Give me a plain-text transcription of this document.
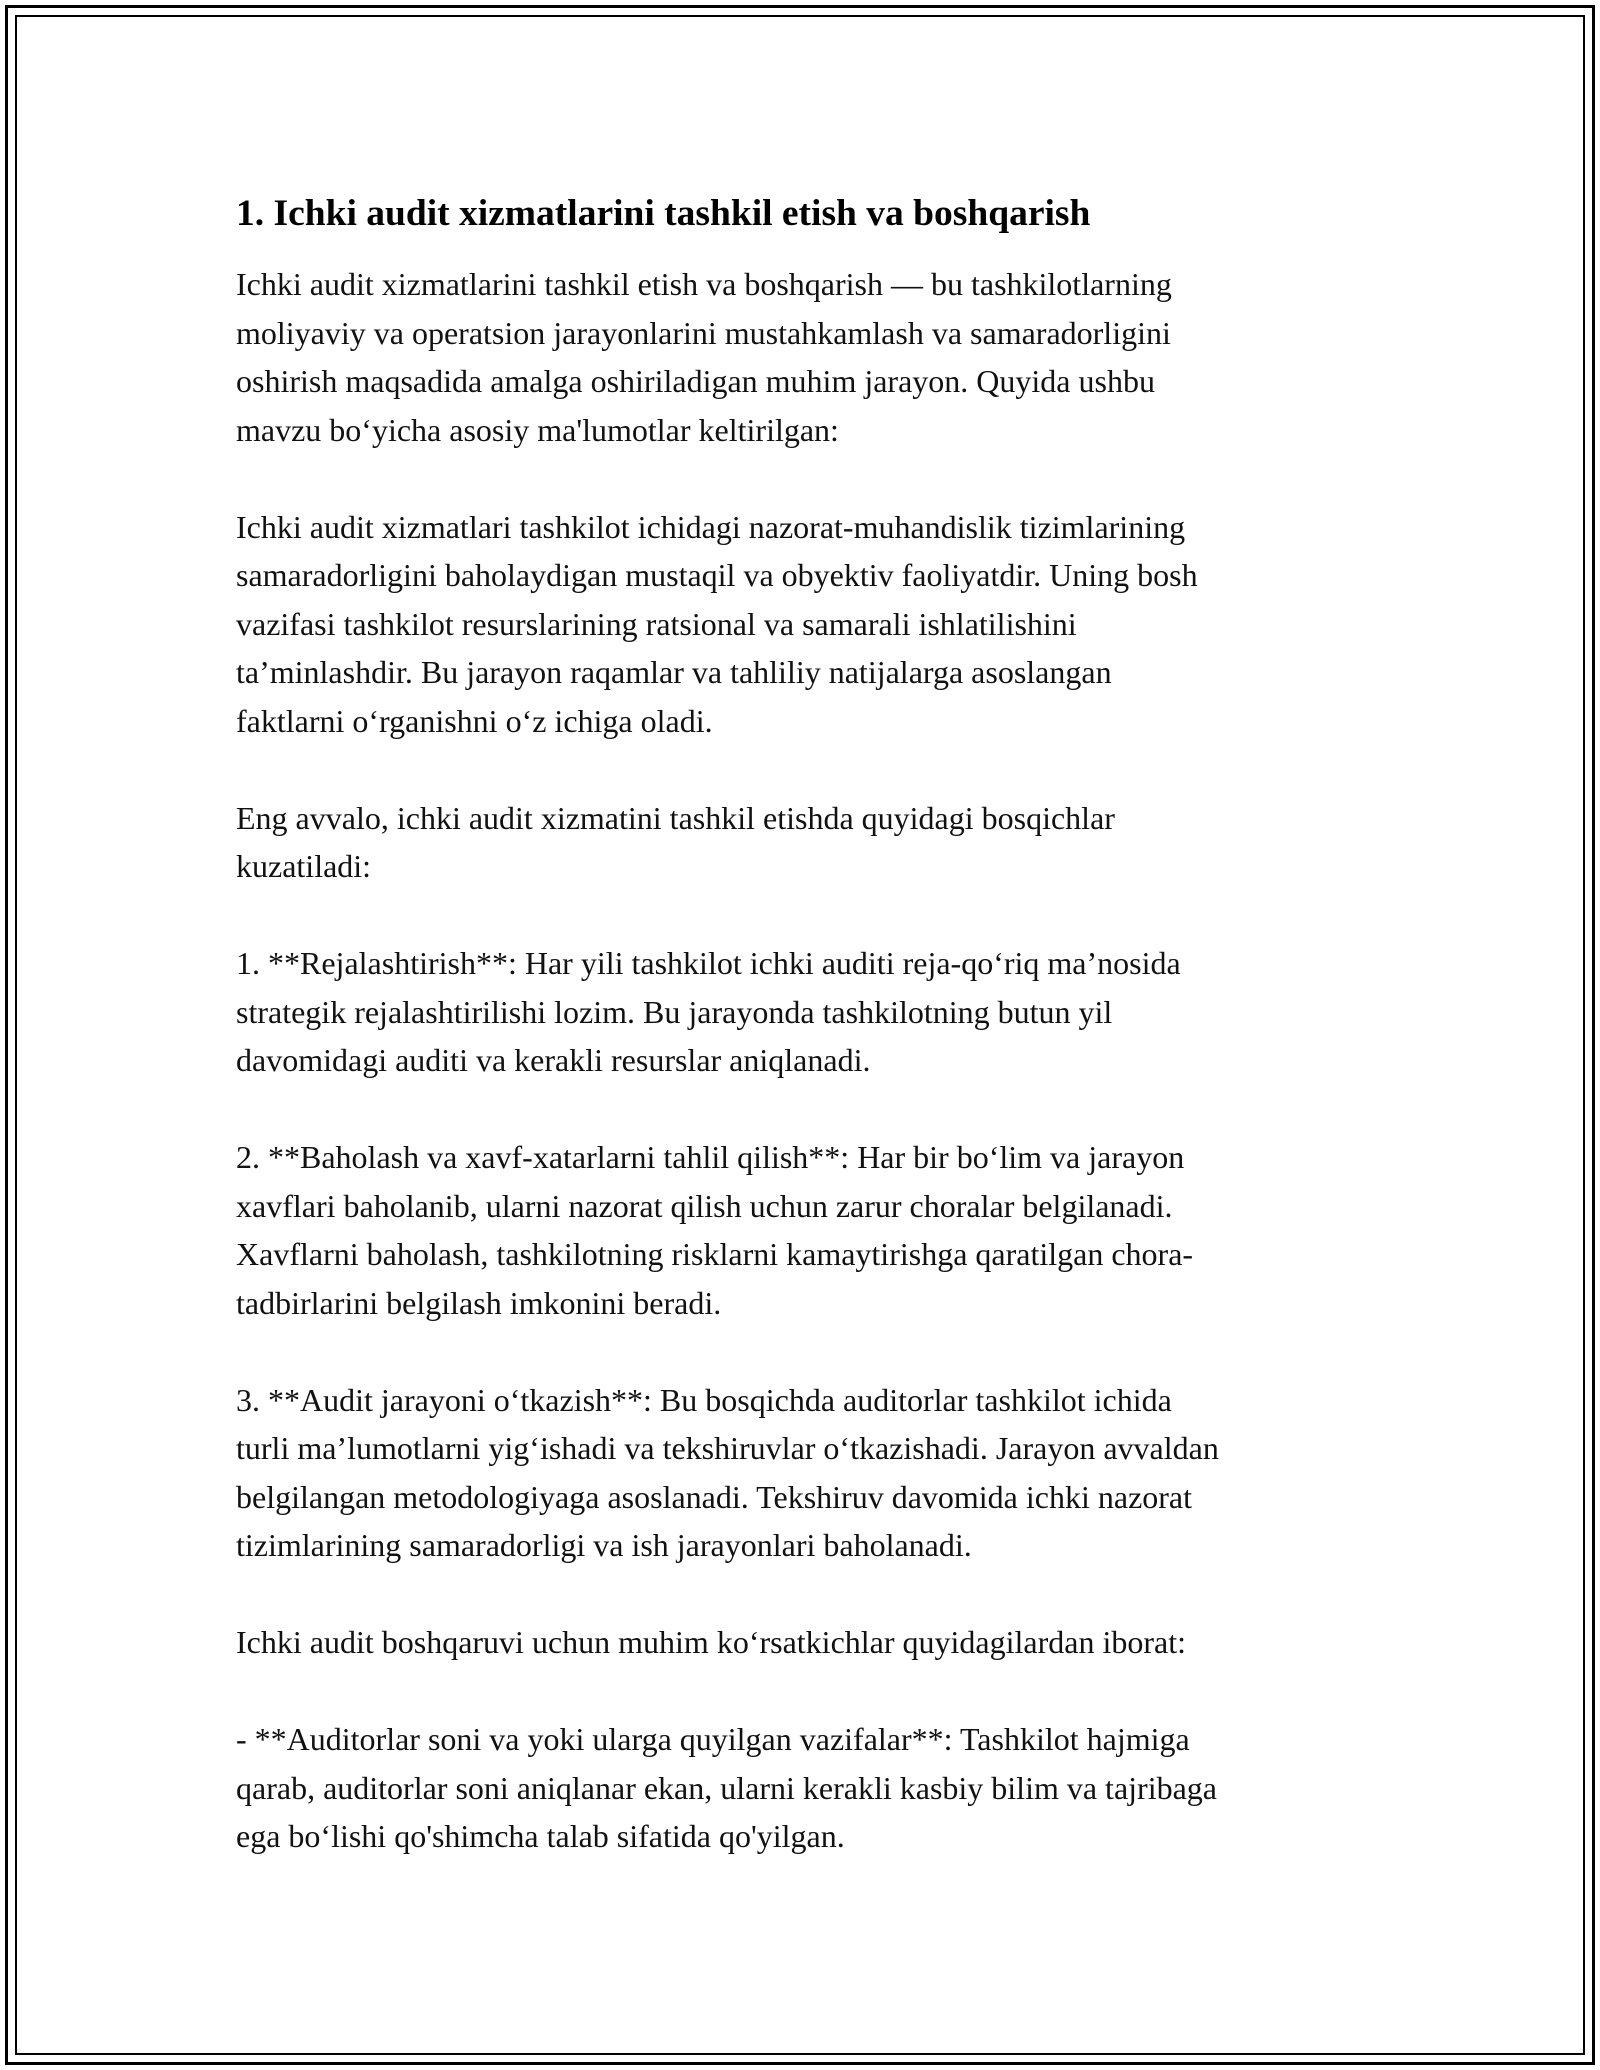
1. Ichki audit xizmatlarini tashkil etish va boshqarish

Ichki audit xizmatlarini tashkil etish va boshqarish — bu tashkilotlarning
moliyaviy va operatsion jarayonlarini mustahkamlash va samaradorligini
oshirish maqsadida amalga oshiriladigan muhim jarayon. Quyida ushbu
mavzu bo‘yicha asosiy ma'lumotlar keltirilgan:

Ichki audit xizmatlari tashkilot ichidagi nazorat-muhandislik tizimlarining
samaradorligini baholaydigan mustaqil va obyektiv faoliyatdir. Uning bosh
vazifasi tashkilot resurslarining ratsional va samarali ishlatilishini
ta’minlashdir. Bu jarayon raqamlar va tahliliy natijalarga asoslangan
faktlarni o‘rganishni o‘z ichiga oladi.

Eng avvalo, ichki audit xizmatini tashkil etishda quyidagi bosqichlar
kuzatiladi:

1. **Rejalashtirish**: Har yili tashkilot ichki auditi reja-qo‘riq ma’nosida
strategik rejalashtirilishi lozim. Bu jarayonda tashkilotning butun yil
davomidagi auditi va kerakli resurslar aniqlanadi.

2. **Baholash va xavf-xatarlarni tahlil qilish**: Har bir bo‘lim va jarayon
xavflari baholanib, ularni nazorat qilish uchun zarur choralar belgilanadi.
Xavflarni baholash, tashkilotning risklarni kamaytirishga qaratilgan chora-
tadbirlarini belgilash imkonini beradi.

3. **Audit jarayoni o‘tkazish**: Bu bosqichda auditorlar tashkilot ichida
turli ma’lumotlarni yig‘ishadi va tekshiruvlar o‘tkazishadi. Jarayon avvaldan
belgilangan metodologiyaga asoslanadi. Tekshiruv davomida ichki nazorat
tizimlarining samaradorligi va ish jarayonlari baholanadi.

Ichki audit boshqaruvi uchun muhim ko‘rsatkichlar quyidagilardan iborat:

- **Auditorlar soni va yoki ularga quyilgan vazifalar**: Tashkilot hajmiga
qarab, auditorlar soni aniqlanar ekan, ularni kerakli kasbiy bilim va tajribaga
ega bo‘lishi qo'shimcha talab sifatida qo'yilgan.
